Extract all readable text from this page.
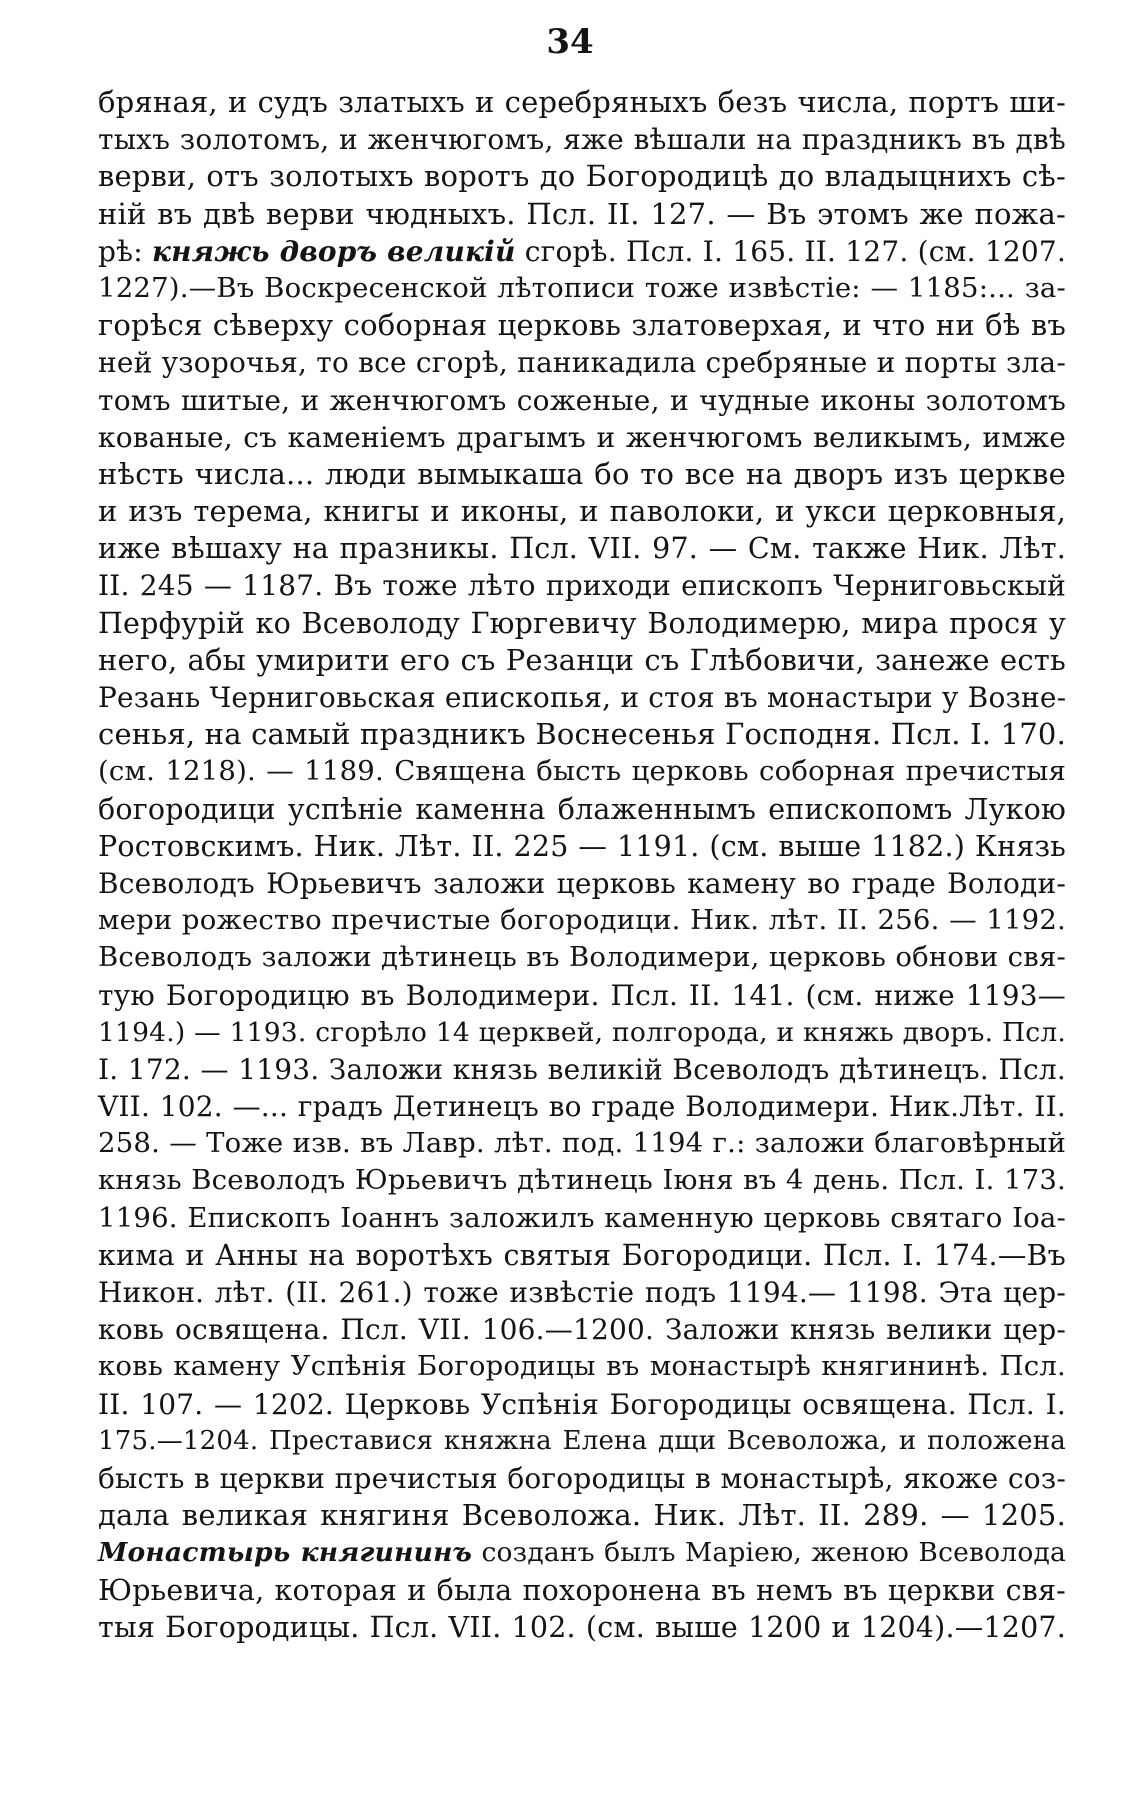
34
бряная, и судъ златыхъ и серебряныхъ безъ числа, портъ ши-
тыхъ золотомъ, и женчюгомъ, яже вѣшали на праздникъ въ двѣ
верви, отъ золотыхъ воротъ до Богородицѣ до владыцнихъ сѣ-
ній въ двѣ верви чюдныхъ. Псл. II. 127. — Въ этомъ же пожа-
рѣ: княжь дворъ великій сгорѣ. Псл. I. 165. II. 127. (см. 1207.
1227).—Въ Воскресенской лѣтописи тоже извѣстіе: — 1185:... за-
горѣся сѣверху соборная церковь златоверхая, и что ни бѣ въ
ней узорочья, то все сгорѣ, паникадила сребряные и порты зла-
томъ шитые, и женчюгомъ соженые, и чудные иконы золотомъ
кованые, съ каменіемъ драгымъ и женчюгомъ великымъ, имже
нѣсть числа... люди вымыкаша бо то все на дворъ изъ церкве
и изъ терема, книгы и иконы, и паволоки, и укси церковныя,
иже вѣшаху на празникы. Псл. VII. 97. — См. также Ник. Лѣт.
II. 245 — 1187. Въ тоже лѣто приходи епископъ Черниговьскый
Перфурій ко Всеволоду Гюргевичу Володимерю, мира прося у
него, абы умирити его съ Резанци съ Глѣбовичи, занеже есть
Резань Черниговьская епископья, и стоя въ монастыри у Возне-
сенья, на самый праздникъ Воснесенья Господня. Псл. I. 170.
(см. 1218). — 1189. Священа бысть церковь соборная пречистыя
богородици успѣніе каменна блаженнымъ епископомъ Лукою
Ростовскимъ. Ник. Лѣт. II. 225 — 1191. (см. выше 1182.) Князь
Всеволодъ Юрьевичъ заложи церковь камену во граде Володи-
мери рожество пречистые богородици. Ник. лѣт. II. 256. — 1192.
Всеволодъ заложи дѣтинець въ Володимери, церковь обнови свя-
тую Богородицю въ Володимери. Псл. II. 141. (см. ниже 1193—
1194.) — 1193. сгорѣло 14 церквей, полгорода, и княжь дворъ. Псл.
I. 172. — 1193. Заложи князь великій Всеволодъ дѣтинецъ. Псл.
VII. 102. —... градъ Детинецъ во граде Володимери. Ник.Лѣт. II.
258. — Тоже изв. въ Лавр. лѣт. под. 1194 г.: заложи благовѣрный
князь Всеволодъ Юрьевичъ дѣтинець Іюня въ 4 день. Псл. I. 173.
1196. Епископъ Іоаннъ заложилъ каменную церковь святаго Іоа-
кима и Анны на воротѣхъ святыя Богородици. Псл. I. 174.—Въ
Никон. лѣт. (II. 261.) тоже извѣстіе подъ 1194.— 1198. Эта цер-
ковь освящена. Псл. VII. 106.—1200. Заложи князь велики цер-
ковь камену Успѣнія Богородицы въ монастырѣ княгининѣ. Псл.
II. 107. — 1202. Церковь Успѣнія Богородицы освящена. Псл. I.
175.—1204. Преставися княжна Елена дщи Всеволожа, и положена
бысть в церкви пречистыя богородицы в монастырѣ, якоже соз-
дала великая княгиня Всеволожа. Ник. Лѣт. II. 289. — 1205.
Монастырь княгининъ созданъ былъ Маріею, женою Всеволода
Юрьевича, которая и была похоронена въ немъ въ церкви свя-
тыя Богородицы. Псл. VII. 102. (см. выше 1200 и 1204).—1207.
